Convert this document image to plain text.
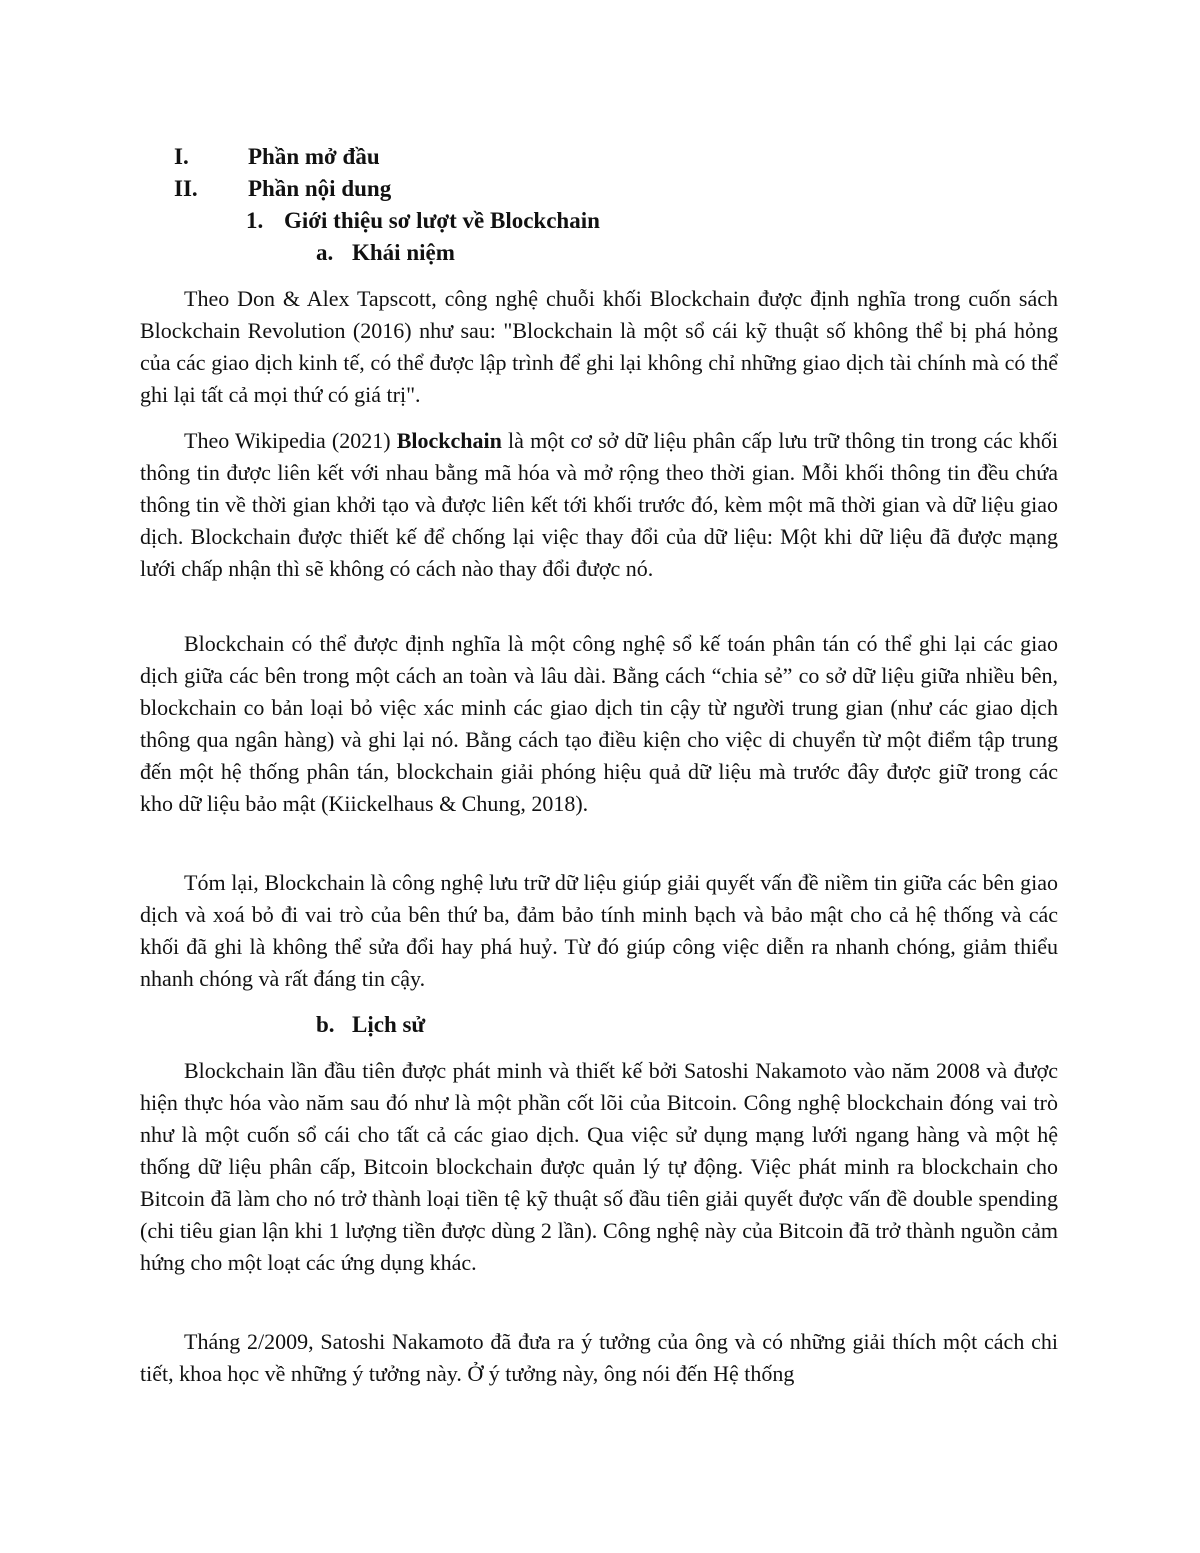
I.	Phần mở đầu
II. Phần nội dung
1. Giới thiệu sơ lượt về Blockchain
a. Khái niệm

Theo Don & Alex Tapscott, công nghệ chuỗi khối Blockchain được định nghĩa trong cuốn sách Blockchain Revolution (2016) như sau: "Blockchain là một sổ cái kỹ thuật số không thể bị phá hỏng của các giao dịch kinh tế, có thể được lập trình để ghi lại không chỉ những giao dịch tài chính mà có thể ghi lại tất cả mọi thứ có giá trị".

Theo Wikipedia (2021) Blockchain là một cơ sở dữ liệu phân cấp lưu trữ thông tin trong các khối thông tin được liên kết với nhau bằng mã hóa và mở rộng theo thời gian. Mỗi khối thông tin đều chứa thông tin về thời gian khởi tạo và được liên kết tới khối trước đó, kèm một mã thời gian và dữ liệu giao dịch. Blockchain được thiết kế để chống lại việc thay đổi của dữ liệu: Một khi dữ liệu đã được mạng lưới chấp nhận thì sẽ không có cách nào thay đổi được nó.

Blockchain có thể được định nghĩa là một công nghệ sổ kế toán phân tán có thể ghi lại các giao dịch giữa các bên trong một cách an toàn và lâu dài. Bằng cách “chia sẻ” co sở dữ liệu giữa nhiều bên, blockchain co bản loại bỏ việc xác minh các giao dịch tin cậy từ người trung gian (như các giao dịch thông qua ngân hàng) và ghi lại nó. Bằng cách tạo điều kiện cho việc di chuyển từ một điểm tập trung đến một hệ thống phân tán, blockchain giải phóng hiệu quả dữ liệu mà trước đây được giữ trong các kho dữ liệu bảo mật (Kiickelhaus & Chung, 2018).

Tóm lại, Blockchain là công nghệ lưu trữ dữ liệu giúp giải quyết vấn đề niềm tin giữa các bên giao dịch và xoá bỏ đi vai trò của bên thứ ba, đảm bảo tính minh bạch và bảo mật cho cả hệ thống và các khối đã ghi là không thể sửa đổi hay phá huỷ. Từ đó giúp công việc diễn ra nhanh chóng, giảm thiểu nhanh chóng và rất đáng tin cậy.

b. Lịch sử

Blockchain lần đầu tiên được phát minh và thiết kế bởi Satoshi Nakamoto vào năm 2008 và được hiện thực hóa vào năm sau đó như là một phần cốt lõi của Bitcoin. Công nghệ blockchain đóng vai trò như là một cuốn sổ cái cho tất cả các giao dịch. Qua việc sử dụng mạng lưới ngang hàng và một hệ thống dữ liệu phân cấp, Bitcoin blockchain được quản lý tự động. Việc phát minh ra blockchain cho Bitcoin đã làm cho nó trở thành loại tiền tệ kỹ thuật số đầu tiên giải quyết được vấn đề double spending (chi tiêu gian lận khi 1 lượng tiền được dùng 2 lần). Công nghệ này của Bitcoin đã trở thành nguồn cảm hứng cho một loạt các ứng dụng khác.

Tháng 2/2009, Satoshi Nakamoto đã đưa ra ý tưởng của ông và có những giải thích một cách chi tiết, khoa học về những ý tưởng này. Ở ý tưởng này, ông nói đến Hệ thống
